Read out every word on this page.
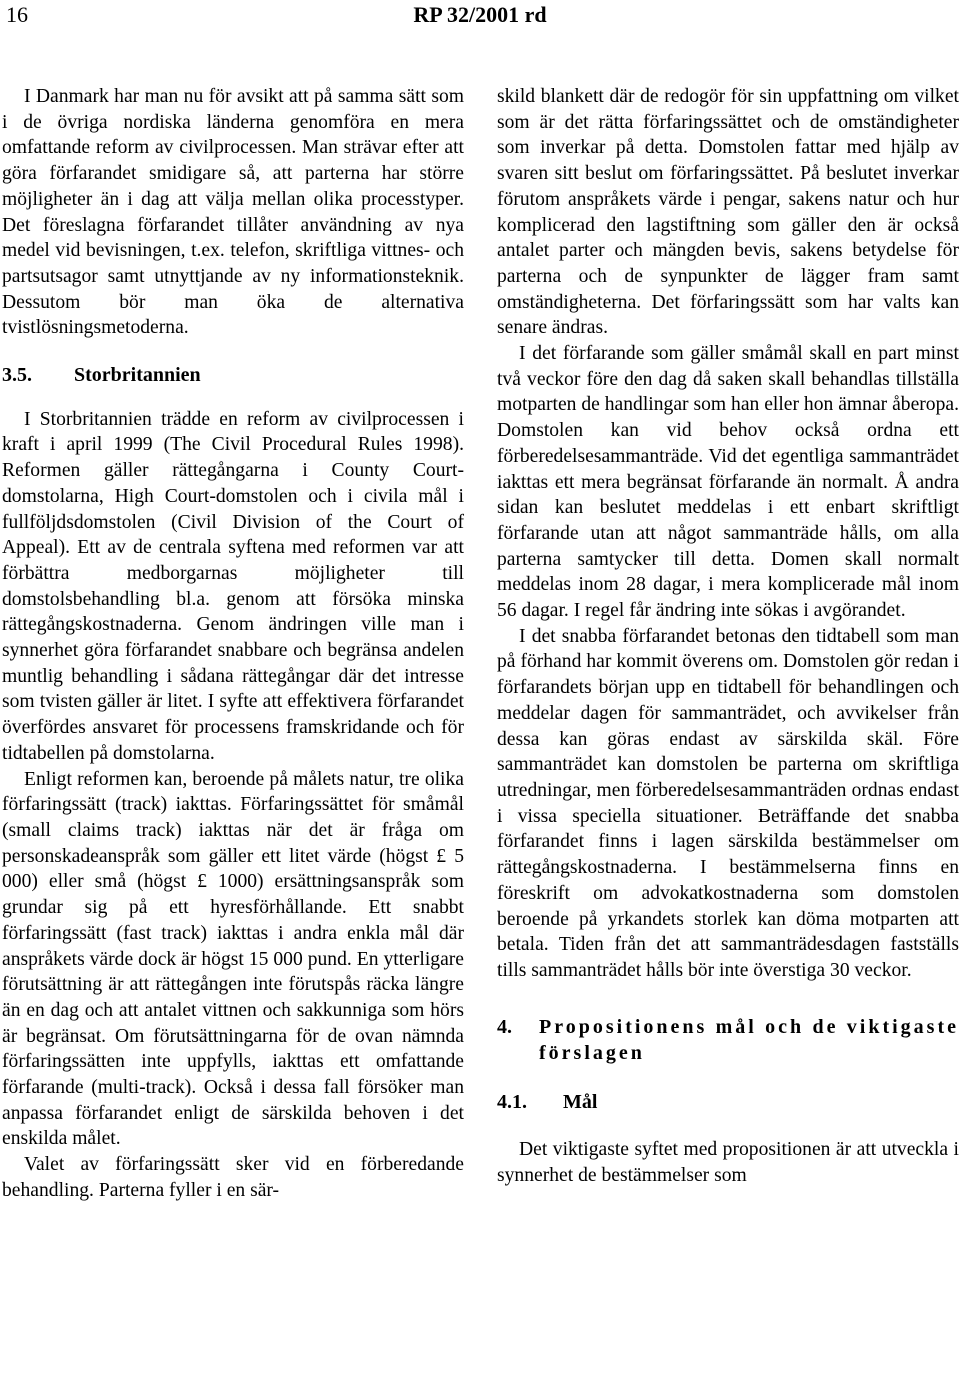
16	RP 32/2001 rd

I Danmark har man nu för avsikt att på samma sätt som i de övriga nordiska länderna genomföra en mera omfattande reform av civilprocessen. Man strävar efter att göra förfarandet smidigare så, att parterna har större möjligheter än i dag att välja mellan olika processtyper. Det föreslagna förfarandet tillåter användning av nya medel vid bevisningen, t.ex. telefon, skriftliga vittnes- och partsutsagor samt utnyttjande av ny informationsteknik. Dessutom bör man öka de alternativa tvistlösningsmetoderna.

3.5. Storbritannien

I Storbritannien trädde en reform av civilprocessen i kraft i april 1999 (The Civil Procedural Rules 1998). Reformen gäller rättegångarna i County Court-domstolarna, High Court-domstolen och i civila mål i fullföljdsdomstolen (Civil Division of the Court of Appeal). Ett av de centrala syftena med reformen var att förbättra medborgarnas möjligheter till domstolsbehandling bl.a. genom att försöka minska rättegångskostnaderna. Genom ändringen ville man i synnerhet göra förfarandet snabbare och begränsa andelen muntlig behandling i sådana rättegångar där det intresse som tvisten gäller är litet. I syfte att effektivera förfarandet överfördes ansvaret för processens framskridande och för tidtabellen på domstolarna.

Enligt reformen kan, beroende på målets natur, tre olika förfaringssätt (track) iakttas. Förfaringssättet för småmål (small claims track) iakttas när det är fråga om personskadeanspråk som gäller ett litet värde (högst £ 5 000) eller små (högst £ 1000) ersättningsanspråk som grundar sig på ett hyresförhållande. Ett snabbt förfaringssätt (fast track) iakttas i andra enkla mål där anspråkets värde dock är högst 15 000 pund. En ytterligare förutsättning är att rättegången inte förutspås räcka längre än en dag och att antalet vittnen och sakkunniga som hörs är begränsat. Om förutsättningarna för de ovan nämnda förfaringssätten inte uppfylls, iakttas ett omfattande förfarande (multi-track). Också i dessa fall försöker man anpassa förfarandet enligt de särskilda behoven i det enskilda målet.

Valet av förfaringssätt sker vid en förberedande behandling. Parterna fyller i en sär-

skild blankett där de redogör för sin uppfattning om vilket som är det rätta förfaringssättet och de omständigheter som inverkar på detta. Domstolen fattar med hjälp av svaren sitt beslut om förfaringssättet. På beslutet inverkar förutom anspråkets värde i pengar, sakens natur och hur komplicerad den lagstiftning som gäller den är också antalet parter och mängden bevis, sakens betydelse för parterna och de synpunkter de lägger fram samt omständigheterna. Det förfaringssätt som har valts kan senare ändras.

I det förfarande som gäller småmål skall en part minst två veckor före den dag då saken skall behandlas tillställa motparten de handlingar som han eller hon ämnar åberopa. Domstolen kan vid behov också ordna ett förberedelsesammanträde. Vid det egentliga sammanträdet iakttas ett mera begränsat förfarande än normalt. Å andra sidan kan beslutet meddelas i ett enbart skriftligt förfarande utan att något sammanträde hålls, om alla parterna samtycker till detta. Domen skall normalt meddelas inom 28 dagar, i mera komplicerade mål inom 56 dagar. I regel får ändring inte sökas i avgörandet.

I det snabba förfarandet betonas den tidtabell som man på förhand har kommit överens om. Domstolen gör redan i förfarandets början upp en tidtabell för behandlingen och meddelar dagen för sammanträdet, och avvikelser från dessa kan göras endast av särskilda skäl. Före sammanträdet kan domstolen be parterna om skriftliga utredningar, men förberedelsesammanträden ordnas endast i vissa speciella situationer. Beträffande det snabba förfarandet finns i lagen särskilda bestämmelser om rättegångskostnaderna. I bestämmelserna finns en föreskrift om advokatkostnaderna som domstolen beroende på yrkandets storlek kan döma motparten att betala. Tiden från det att sammanträdesdagen fastställs tills sammanträdet hålls bör inte överstiga 30 veckor.

4.	Propositionens mål och de viktigaste förslagen
4.1. Mål

Det viktigaste syftet med propositionen är att utveckla i synnerhet de bestämmelser som
